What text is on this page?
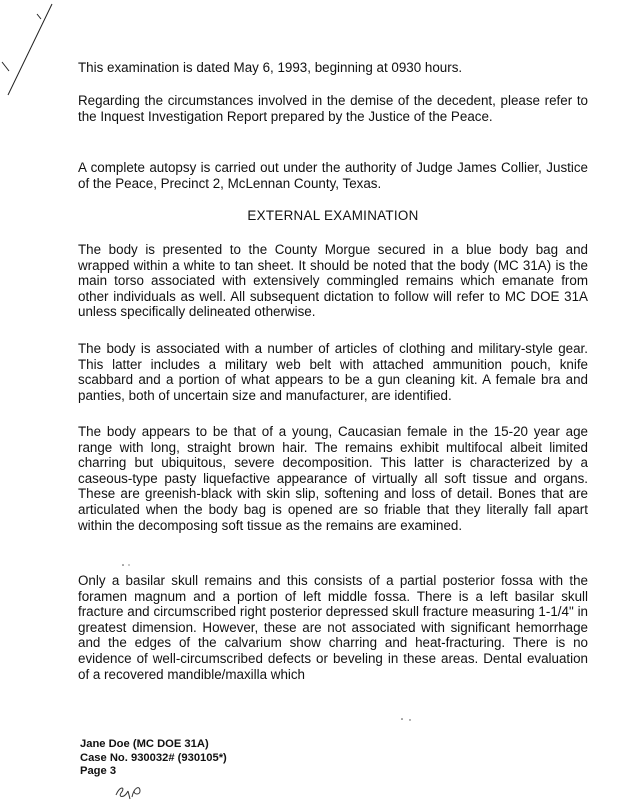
This examination is dated May 6, 1993, beginning at 0930 hours.

Regarding the circumstances involved in the demise of the decedent, please refer to the Inquest Investigation Report prepared by the Justice of the Peace.

A complete autopsy is carried out under the authority of Judge James Collier, Justice of the Peace, Precinct 2, McLennan County, Texas.

EXTERNAL EXAMINATION

The body is presented to the County Morgue secured in a blue body bag and wrapped within a white to tan sheet. It should be noted that the body (MC 31A) is the main torso associated with extensively commingled remains which emanate from other individuals as well. All subsequent dictation to follow will refer to MC DOE 31A unless specifically delineated otherwise.

The body is associated with a number of articles of clothing and military-style gear. This latter includes a military web belt with attached ammunition pouch, knife scabbard and a portion of what appears to be a gun cleaning kit. A female bra and panties, both of uncertain size and manufacturer, are identified.

The body appears to be that of a young, Caucasian female in the 15-20 year age range with long, straight brown hair. The remains exhibit multifocal albeit limited charring but ubiquitous, severe decomposition. This latter is characterized by a caseous-type pasty liquefactive appearance of virtually all soft tissue and organs. These are greenish-black with skin slip, softening and loss of detail. Bones that are articulated when the body bag is opened are so friable that they literally fall apart within the decomposing soft tissue as the remains are examined.

Only a basilar skull remains and this consists of a partial posterior fossa with the foramen magnum and a portion of left middle fossa. There is a left basilar skull fracture and circumscribed right posterior depressed skull fracture measuring 1-1/4" in greatest dimension. However, these are not associated with significant hemorrhage and the edges of the calvarium show charring and heat-fracturing. There is no evidence of well-circumscribed defects or beveling in these areas. Dental evaluation of a recovered mandible/maxilla which

Jane Doe (MC DOE 31A)
Case No. 930032# (930105*)
Page 3
